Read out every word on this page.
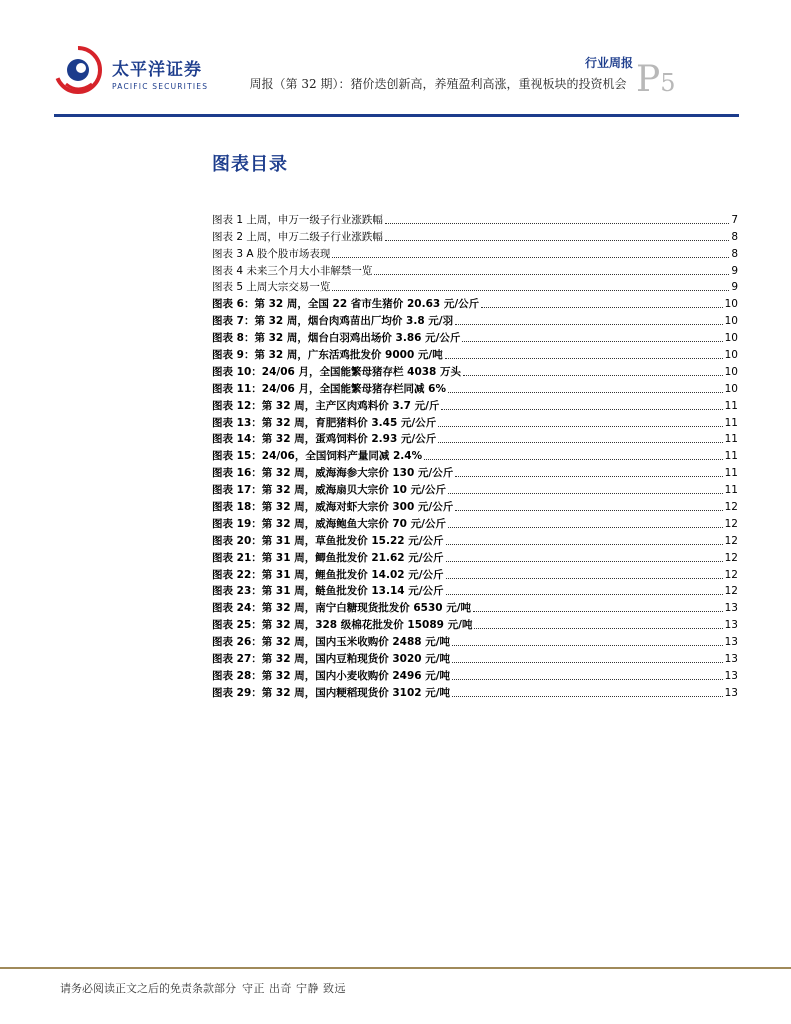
太平洋证券
PACIFIC SECURITIES
行业周报
周报（第 32 期）：猪价迭创新高，养殖盈利高涨，重视板块的投资机会 P5
图表目录
图表 1 上周，申万一级子行业涨跌幅	7
图表 2 上周，申万二级子行业涨跌幅	8
图表 3 A 股个股市场表现	8
图表 4 未来三个月大小非解禁一览	9
图表 5 上周大宗交易一览	9
图表 6：第 32 周，全国 22 省市生猪价 20.63 元/公斤	10
图表 7：第 32 周，烟台肉鸡苗出厂均价 3.8 元/羽	10
图表 8：第 32 周，烟台白羽鸡出场价 3.86 元/公斤	10
图表 9：第 32 周，广东活鸡批发价 9000 元/吨	10
图表 10：24/06 月，全国能繁母猪存栏 4038 万头	10
图表 11：24/06 月，全国能繁母猪存栏同减 6%	10
图表 12：第 32 周，主产区肉鸡料价 3.7 元/斤	11
图表 13：第 32 周，育肥猪料价 3.45 元/公斤	11
图表 14：第 32 周，蛋鸡饲料价 2.93 元/公斤	11
图表 15：24/06，全国饲料产量同减 2.4%	11
图表 16：第 32 周，威海海参大宗价 130 元/公斤	11
图表 17：第 32 周，威海扇贝大宗价 10 元/公斤	11
图表 18：第 32 周，威海对虾大宗价 300 元/公斤	12
图表 19：第 32 周，威海鲍鱼大宗价 70 元/公斤	12
图表 20：第 31 周，草鱼批发价 15.22 元/公斤	12
图表 21：第 31 周，鲫鱼批发价 21.62 元/公斤	12
图表 22：第 31 周，鲤鱼批发价 14.02 元/公斤	12
图表 23：第 31 周，鲢鱼批发价 13.14 元/公斤	12
图表 24：第 32 周，南宁白糖现货批发价 6530 元/吨	13
图表 25：第 32 周，328 级棉花批发价 15089 元/吨	13
图表 26：第 32 周，国内玉米收购价 2488 元/吨	13
图表 27：第 32 周，国内豆粕现货价 3020 元/吨	13
图表 28：第 32 周，国内小麦收购价 2496 元/吨	13
图表 29：第 32 周，国内粳稻现货价 3102 元/吨	13
请务必阅读正文之后的免责条款部分 守正 出奇 宁静 致远
